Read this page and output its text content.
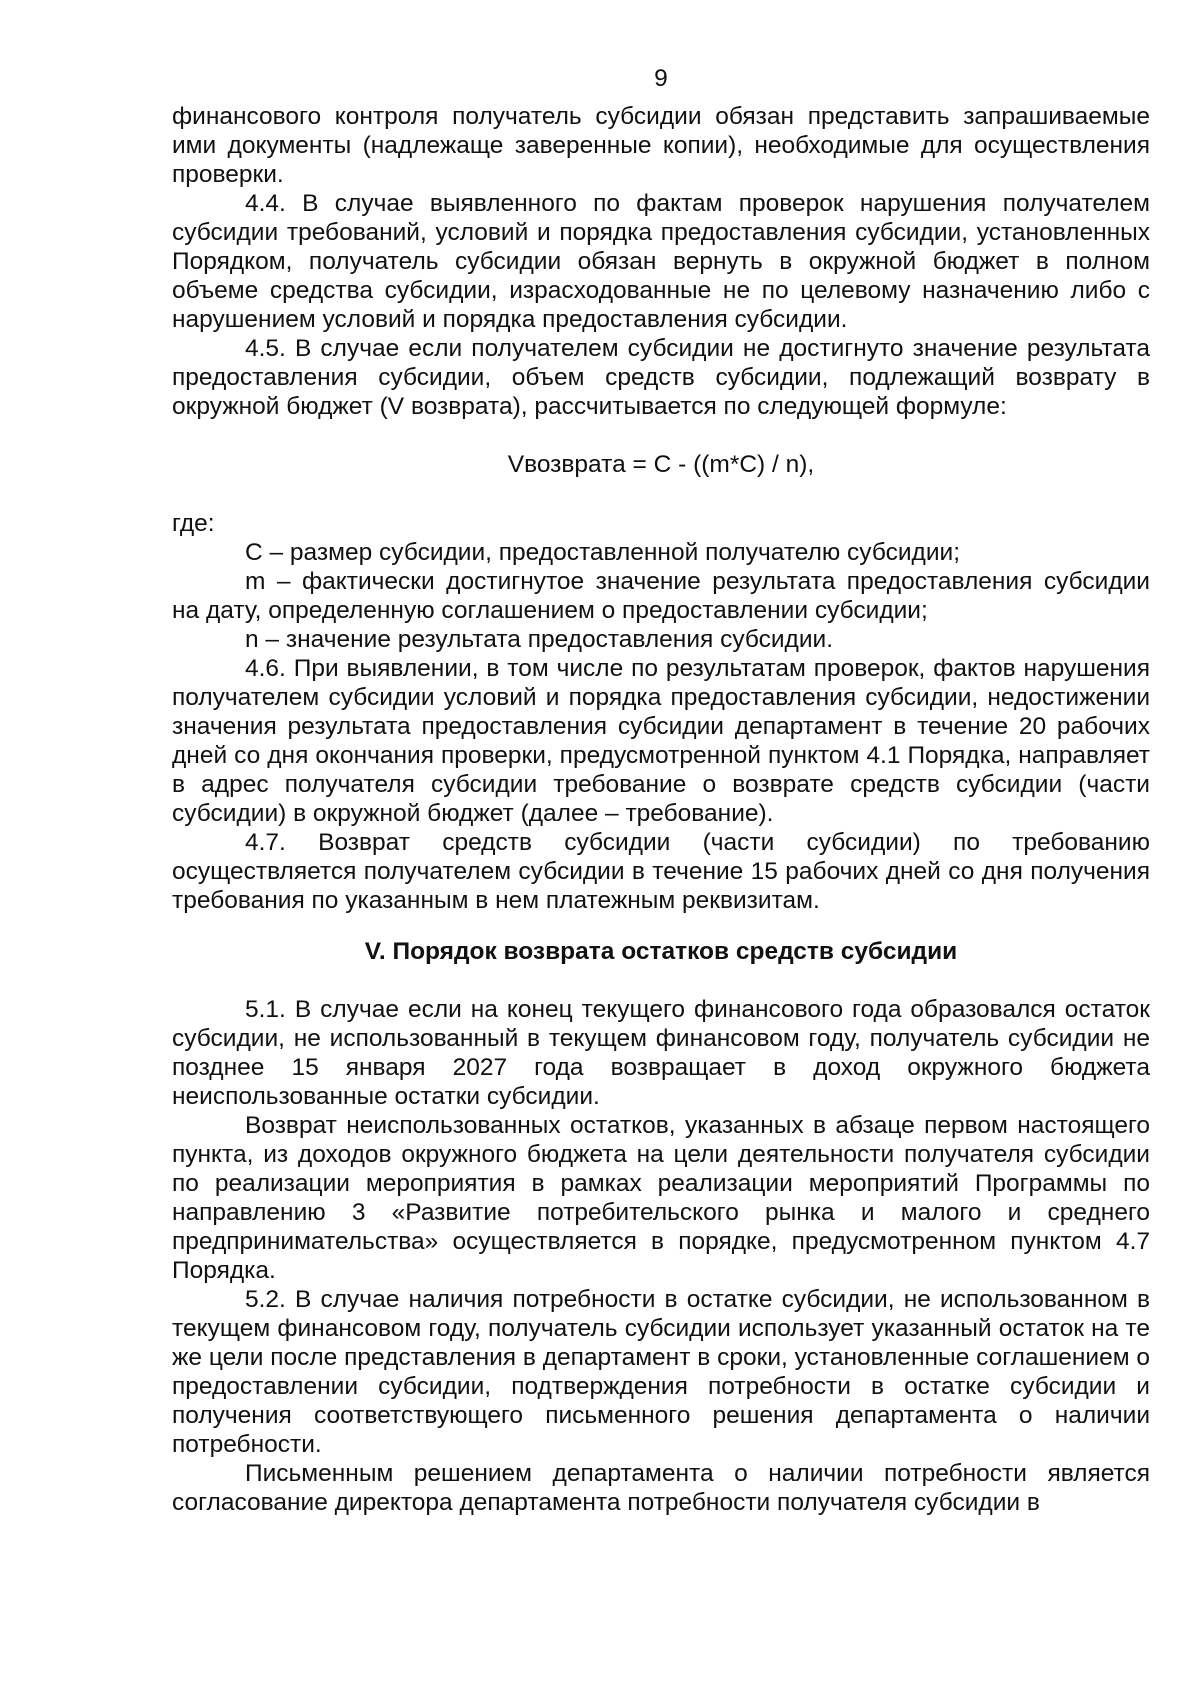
9

финансового контроля получатель субсидии обязан представить запрашиваемые ими документы (надлежаще заверенные копии), необходимые для осуществления проверки.

4.4. В случае выявленного по фактам проверок нарушения получателем субсидии требований, условий и порядка предоставления субсидии, установленных Порядком, получатель субсидии обязан вернуть в окружной бюджет в полном объеме средства субсидии, израсходованные не по целевому назначению либо с нарушением условий и порядка предоставления субсидии.

4.5. В случае если получателем субсидии не достигнуто значение результата предоставления субсидии, объем средств субсидии, подлежащий возврату в окружной бюджет (V возврата), рассчитывается по следующей формуле:

Vвозврата = С - ((m*C) / n),

где:

С – размер субсидии, предоставленной получателю субсидии;

m – фактически достигнутое значение результата предоставления субсидии на дату, определенную соглашением о предоставлении субсидии;

n – значение результата предоставления субсидии.

4.6. При выявлении, в том числе по результатам проверок, фактов нарушения получателем субсидии условий и порядка предоставления субсидии, недостижении значения результата предоставления субсидии департамент в течение 20 рабочих дней со дня окончания проверки, предусмотренной пунктом 4.1 Порядка, направляет в адрес получателя субсидии требование о возврате средств субсидии (части субсидии) в окружной бюджет (далее – требование).

4.7. Возврат средств субсидии (части субсидии) по требованию осуществляется получателем субсидии в течение 15 рабочих дней со дня получения требования по указанным в нем платежным реквизитам.

V. Порядок возврата остатков средств субсидии

5.1. В случае если на конец текущего финансового года образовался остаток субсидии, не использованный в текущем финансовом году, получатель субсидии не позднее 15 января 2027 года возвращает в доход окружного бюджета неиспользованные остатки субсидии.

Возврат неиспользованных остатков, указанных в абзаце первом настоящего пункта, из доходов окружного бюджета на цели деятельности получателя субсидии по реализации мероприятия в рамках реализации мероприятий Программы по направлению 3 «Развитие потребительского рынка и малого и среднего предпринимательства» осуществляется в порядке, предусмотренном пунктом 4.7 Порядка.

5.2. В случае наличия потребности в остатке субсидии, не использованном в текущем финансовом году, получатель субсидии использует указанный остаток на те же цели после представления в департамент в сроки, установленные соглашением о предоставлении субсидии, подтверждения потребности в остатке субсидии и получения соответствующего письменного решения департамента о наличии потребности.

Письменным решением департамента о наличии потребности является согласование директора департамента потребности получателя субсидии в
